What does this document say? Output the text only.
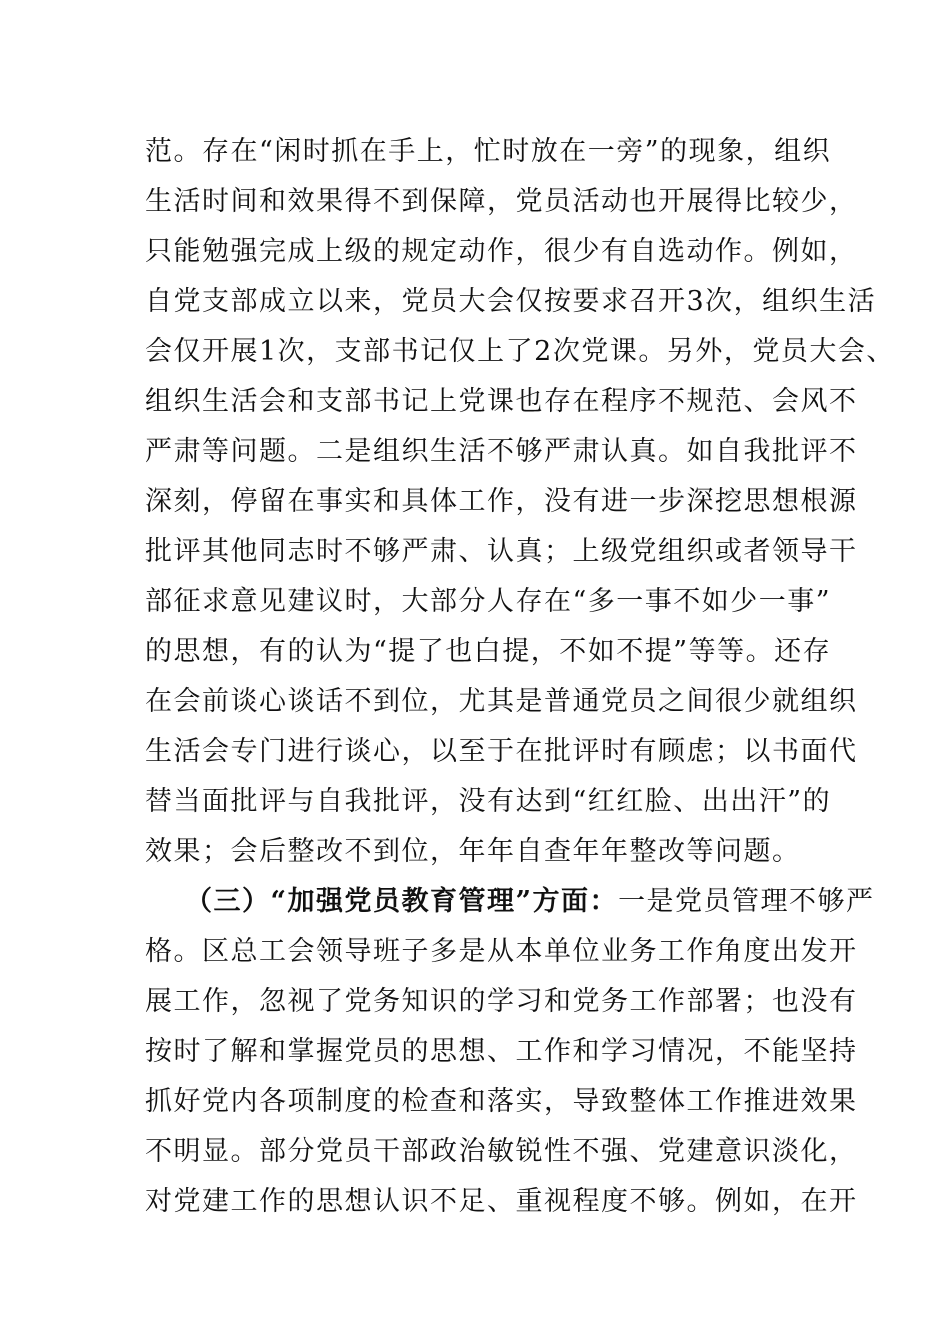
范。存在“闲时抓在手上，忙时放在一旁”的现象，组织
生活时间和效果得不到保障，党员活动也开展得比较少，
只能勉强完成上级的规定动作，很少有自选动作。例如，
自党支部成立以来，党员大会仅按要求召开3次，组织生活
会仅开展1次，支部书记仅上了2次党课。另外，党员大会、
组织生活会和支部书记上党课也存在程序不规范、会风不
严肃等问题。二是组织生活不够严肃认真。如自我批评不
深刻，停留在事实和具体工作，没有进一步深挖思想根源
批评其他同志时不够严肃、认真；上级党组织或者领导干
部征求意见建议时，大部分人存在“多一事不如少一事”
的思想，有的认为“提了也白提，不如不提”等等。还存
在会前谈心谈话不到位，尤其是普通党员之间很少就组织
生活会专门进行谈心，以至于在批评时有顾虑；以书面代
替当面批评与自我批评，没有达到“红红脸、出出汗”的
效果；会后整改不到位，年年自查年年整改等问题。
（三）“加强党员教育管理”方面：一是党员管理不够严
格。区总工会领导班子多是从本单位业务工作角度出发开
展工作，忽视了党务知识的学习和党务工作部署；也没有
按时了解和掌握党员的思想、工作和学习情况，不能坚持
抓好党内各项制度的检查和落实，导致整体工作推进效果
不明显。部分党员干部政治敏锐性不强、党建意识淡化，
对党建工作的思想认识不足、重视程度不够。例如，在开
